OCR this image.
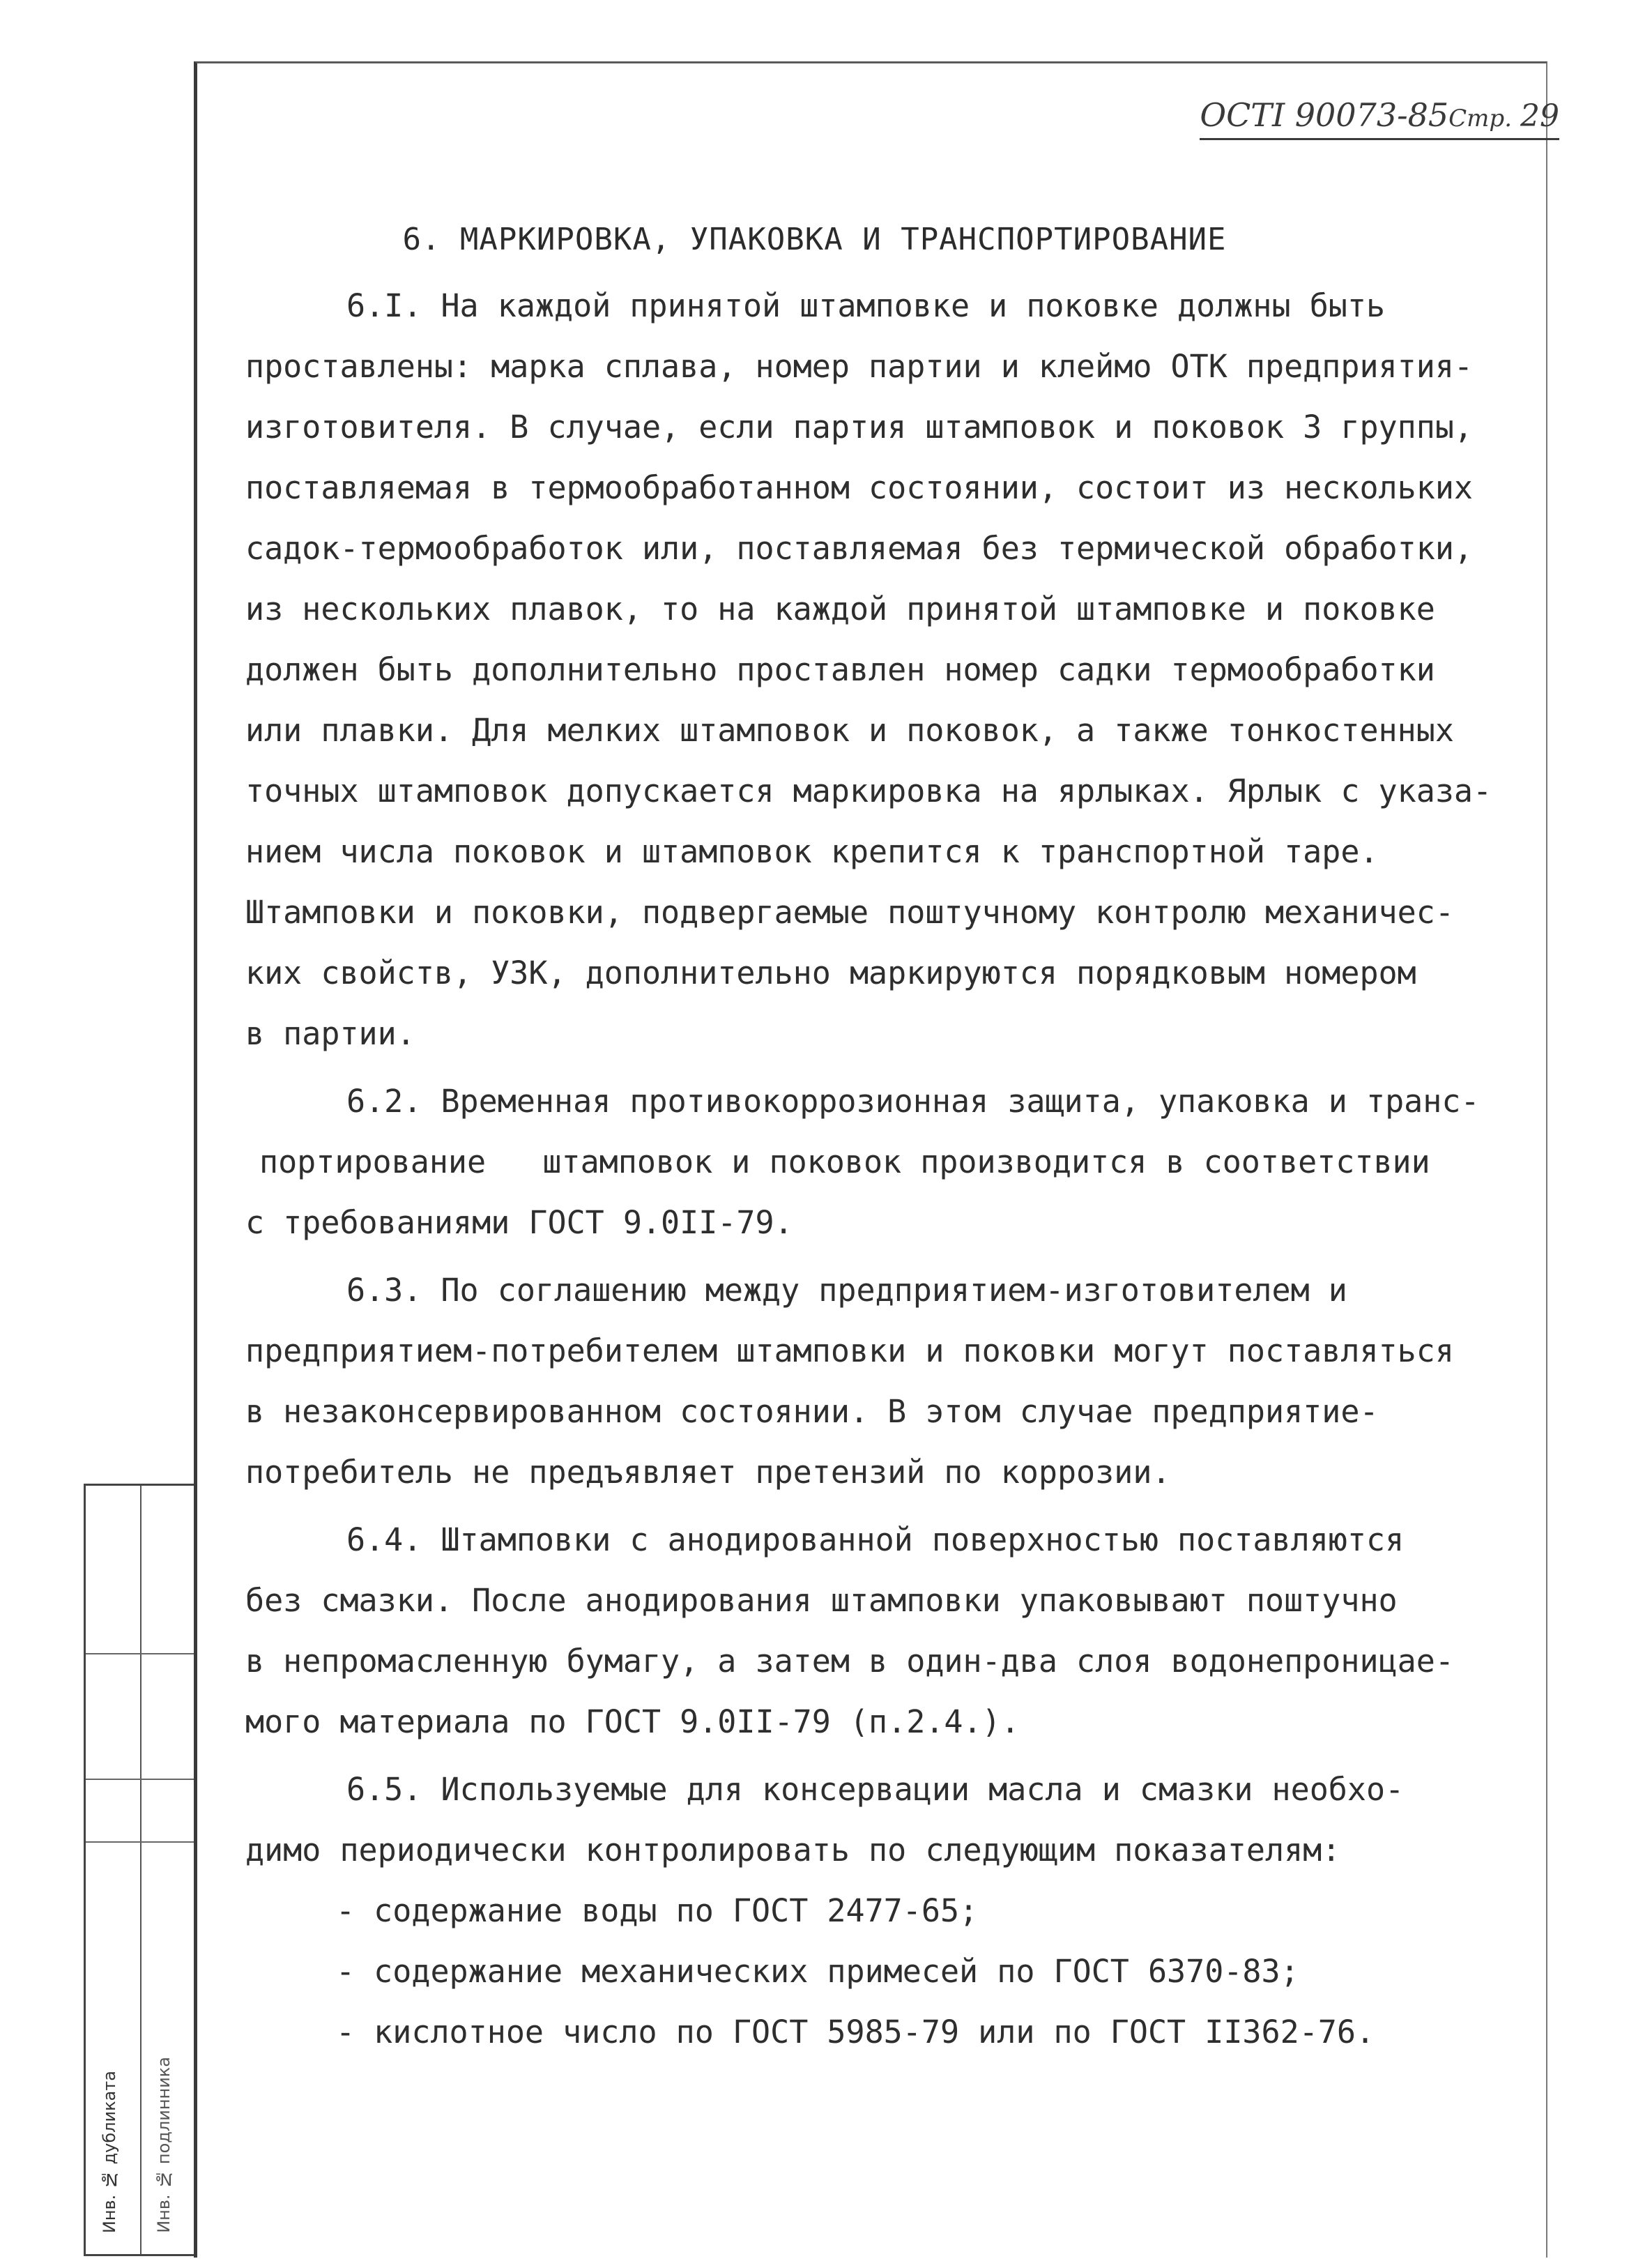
ОСТI 90073-85Стр. 29
6. МАРКИРОВКА, УПАКОВКА И ТРАНСПОРТИРОВАНИЕ
6.I. На каждой принятой штамповке и поковке должны быть
проставлены: марка сплава, номер партии и клеймо ОТК предприятия-
изготовителя. В случае, если партия штамповок и поковок 3 группы,
поставляемая в термообработанном состоянии, состоит из нескольких
садок-термообработок или, поставляемая без термической обработки,
из нескольких плавок, то на каждой принятой штамповке и поковке
должен быть дополнительно проставлен номер садки термообработки
или плавки. Для мелких штамповок и поковок, а также тонкостенных
точных штамповок допускается маркировка на ярлыках. Ярлык с указа-
нием числа поковок и штамповок крепится к транспортной таре.
Штамповки и поковки, подвергаемые поштучному контролю механичес-
ких свойств, УЗК, дополнительно маркируются порядковым номером
в партии.
6.2. Временная противокоррозионная защита, упаковка и транс-
портирование   штамповок и поковок производится в соответствии
с требованиями ГОСТ 9.0II-79.
6.3. По соглашению между предприятием-изготовителем и
предприятием-потребителем штамповки и поковки могут поставляться
в незаконсервированном состоянии. В этом случае предприятие-
потребитель не предъявляет претензий по коррозии.
6.4. Штамповки с анодированной поверхностью поставляются
без смазки. После анодирования штамповки упаковывают поштучно
в непромасленную бумагу, а затем в один-два слоя водонепроницае-
мого материала по ГОСТ 9.0II-79 (п.2.4.).
6.5. Используемые для консервации масла и смазки необхо-
димо периодически контролировать по следующим показателям:
- содержание воды по ГОСТ 2477-65;
- содержание механических примесей по ГОСТ 6370-83;
- кислотное число по ГОСТ 5985-79 или по ГОСТ II362-76.
Инв. № дубликата Инв. № подлинника
